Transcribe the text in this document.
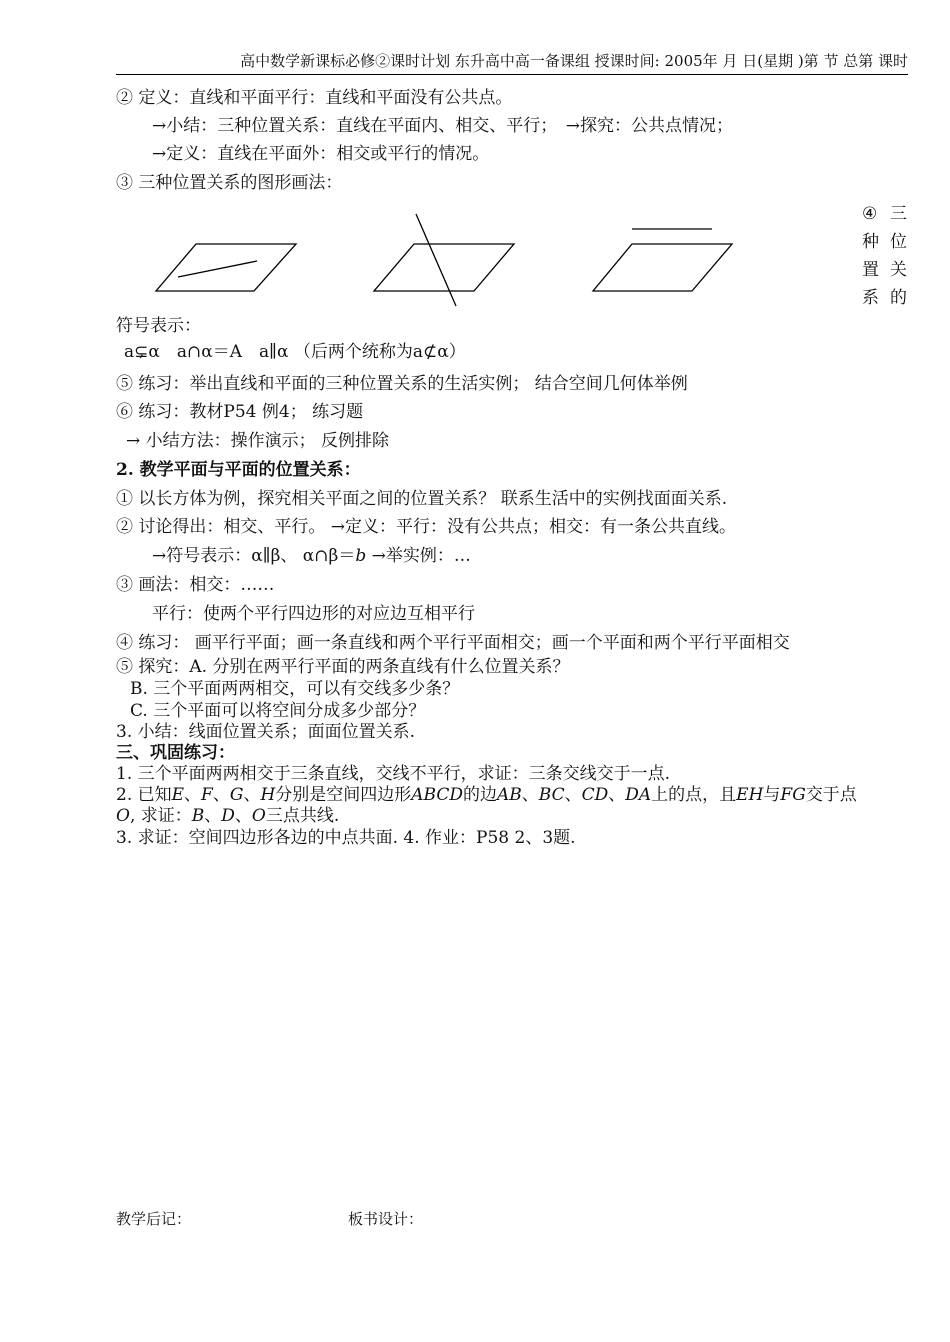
高中数学新课标必修②课时计划 东升高中高一备课组 授课时间: 2005年 月 日(星期 )第 节 总第 课时
② 定义：直线和平面平行：直线和平面没有公共点。
→小结：三种位置关系：直线在平面内、相交、平行；　→探究：公共点情况；
→定义：直线在平面外：相交或平行的情况。
③ 三种位置关系的图形画法：
④ 三
种 位
置 关
系 的
符号表示：
a⊊α　a∩α＝A　a∥α （后两个统称为a⊄α）
⑤ 练习：举出直线和平面的三种位置关系的生活实例； 结合空间几何体举例
⑥ 练习：教材P54 例4； 练习题
→ 小结方法：操作演示； 反例排除
2. 教学平面与平面的位置关系：
① 以长方体为例，探究相关平面之间的位置关系？ 联系生活中的实例找面面关系.
② 讨论得出：相交、平行。 →定义：平行：没有公共点；相交：有一条公共直线。
→符号表示：α∥β、 α∩β＝b →举实例：…
③ 画法：相交：……
平行：使两个平行四边形的对应边互相平行
④ 练习： 画平行平面；画一条直线和两个平行平面相交；画一个平面和两个平行平面相交
⑤ 探究：A. 分别在两平行平面的两条直线有什么位置关系？
B. 三个平面两两相交，可以有交线多少条？
C. 三个平面可以将空间分成多少部分？
3. 小结：线面位置关系；面面位置关系.
三、巩固练习：
1. 三个平面两两相交于三条直线，交线不平行，求证：三条交线交于一点.
2. 已知E、F、G、H分别是空间四边形ABCD的边AB、BC、CD、DA上的点，且EH与FG交于点
O, 求证：B、D、O三点共线.
3. 求证：空间四边形各边的中点共面. 4. 作业：P58 2、3题.
教学后记：	板书设计：
